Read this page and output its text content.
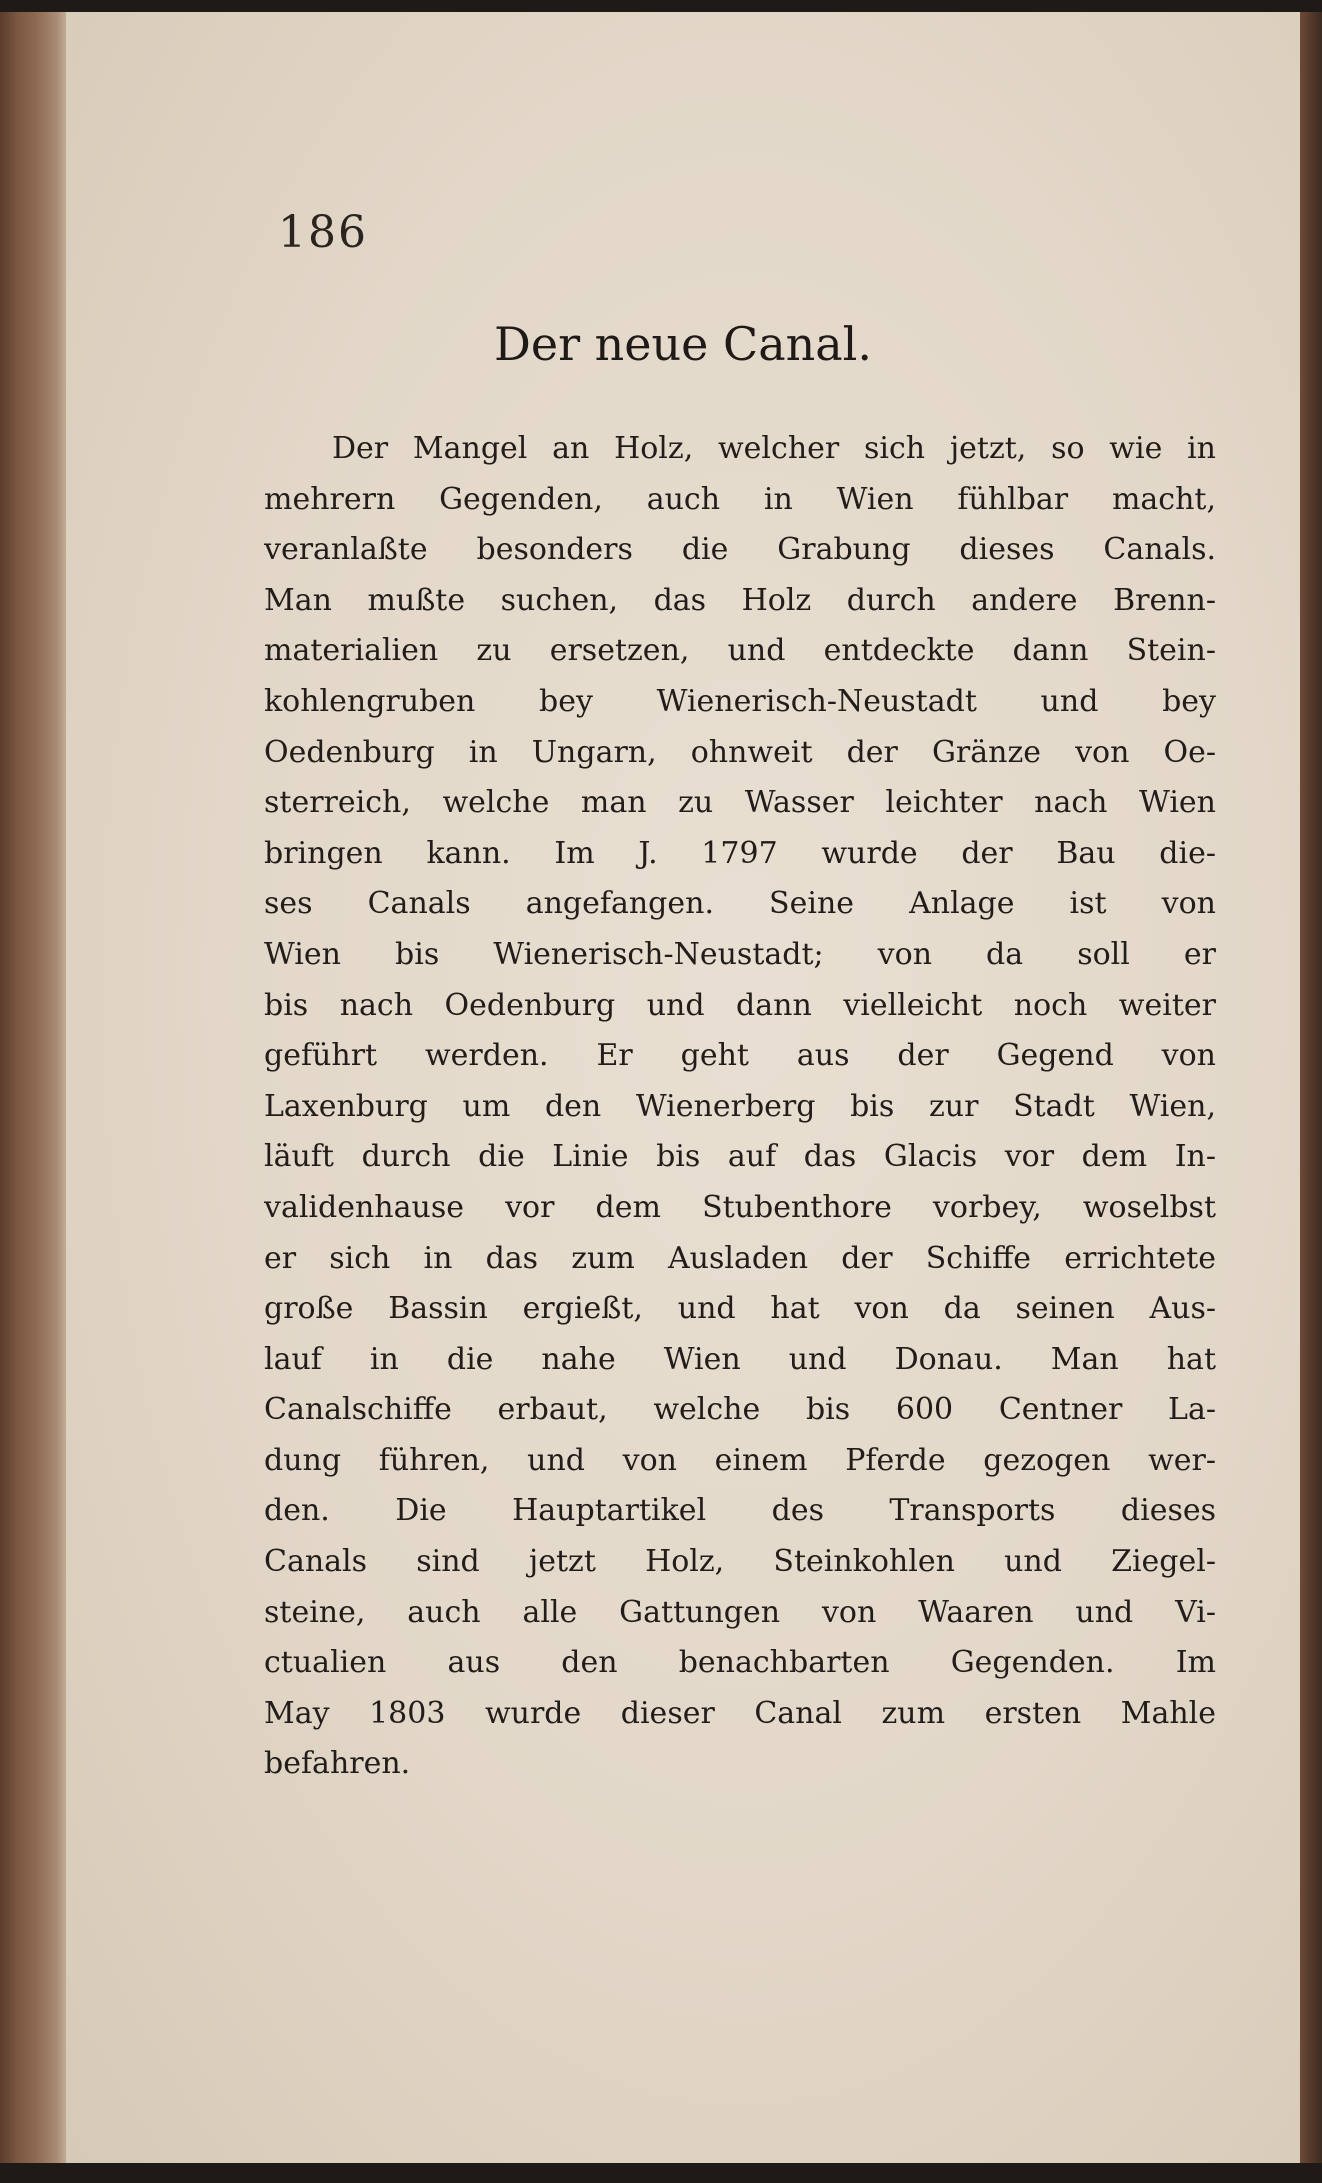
186
Der neue Canal.
Der Mangel an Holz, welcher sich jetzt, so wie in
mehrern Gegenden, auch in Wien fühlbar macht,
veranlaßte besonders die Grabung dieses Canals.
Man mußte suchen, das Holz durch andere Brenn-
materialien zu ersetzen, und entdeckte dann Stein-
kohlengruben bey Wienerisch-Neustadt und bey
Oedenburg in Ungarn, ohnweit der Gränze von Oe-
sterreich, welche man zu Wasser leichter nach Wien
bringen kann. Im J. 1797 wurde der Bau die-
ses Canals angefangen. Seine Anlage ist von
Wien bis Wienerisch-Neustadt; von da soll er
bis nach Oedenburg und dann vielleicht noch weiter
geführt werden. Er geht aus der Gegend von
Laxenburg um den Wienerberg bis zur Stadt Wien,
läuft durch die Linie bis auf das Glacis vor dem In-
validenhause vor dem Stubenthore vorbey, woselbst
er sich in das zum Ausladen der Schiffe errichtete
große Bassin ergießt, und hat von da seinen Aus-
lauf in die nahe Wien und Donau. Man hat
Canalschiffe erbaut, welche bis 600 Centner La-
dung führen, und von einem Pferde gezogen wer-
den. Die Hauptartikel des Transports dieses
Canals sind jetzt Holz, Steinkohlen und Ziegel-
steine, auch alle Gattungen von Waaren und Vi-
ctualien aus den benachbarten Gegenden. Im
May 1803 wurde dieser Canal zum ersten Mahle
befahren.
